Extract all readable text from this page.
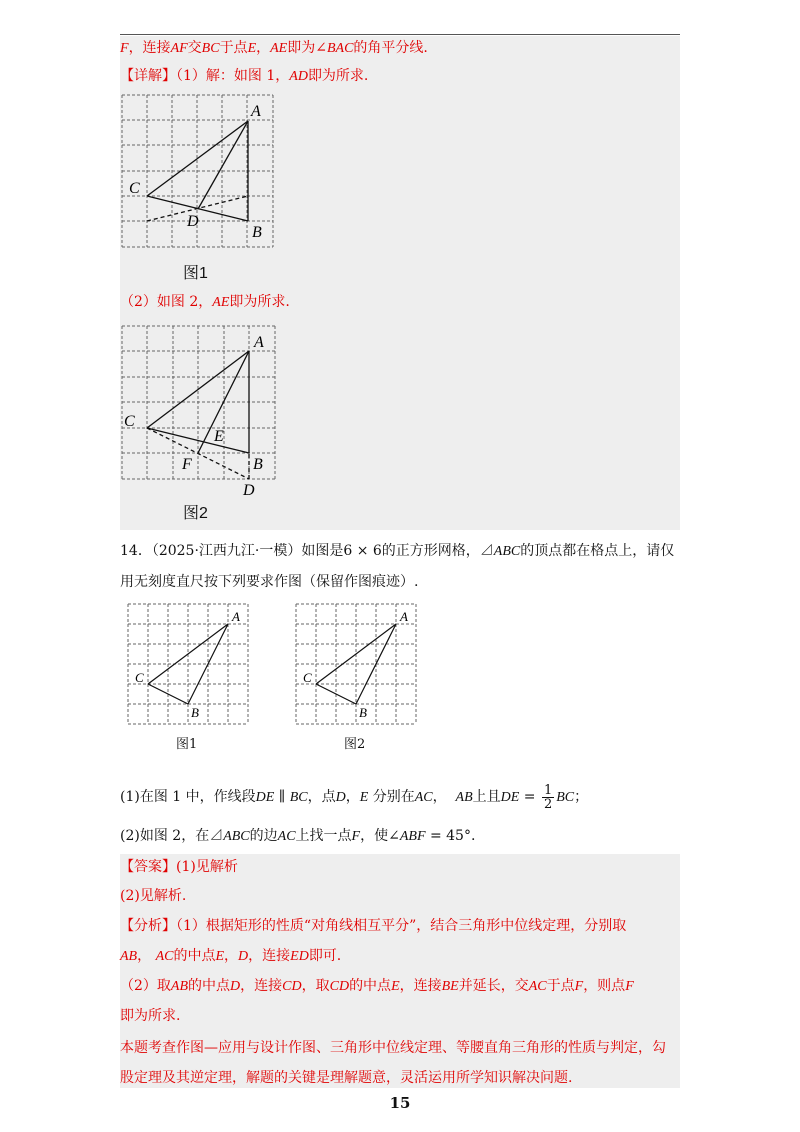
F，连接AF交BC于点E，AE即为∠BAC的角平分线.
【详解】（1）解：如图 1，AD即为所求.
A
B
C
D
图1
（2）如图 2，AE即为所求.
A
B
C
D
E
F
图2
14．（2025·江西九江·一模）如图是6 × 6的正方形网格，⊿ABC的顶点都在格点上，请仅
用无刻度直尺按下列要求作图（保留作图痕迹）.
A
B
C
图1
A
B
C
图2
(1)在图 1 中，作线段DE ∥ BC，点D，E 分别在AC， AB上且DE = $\frac{1}{2}$ BC；
(2)如图 2，在⊿ABC的边AC上找一点F，使∠ABF = 45°.
【答案】(1)见解析
(2)见解析.
【分析】（1）根据矩形的性质“对角线相互平分”，结合三角形中位线定理，分别取
AB， AC的中点E，D，连接ED即可.
（2）取AB的中点D，连接CD，取CD的中点E，连接BE并延长，交AC于点F，则点F
即为所求.
本题考查作图—应用与设计作图、三角形中位线定理、等腰直角三角形的性质与判定，勾
股定理及其逆定理，解题的关键是理解题意，灵活运用所学知识解决问题.
15
